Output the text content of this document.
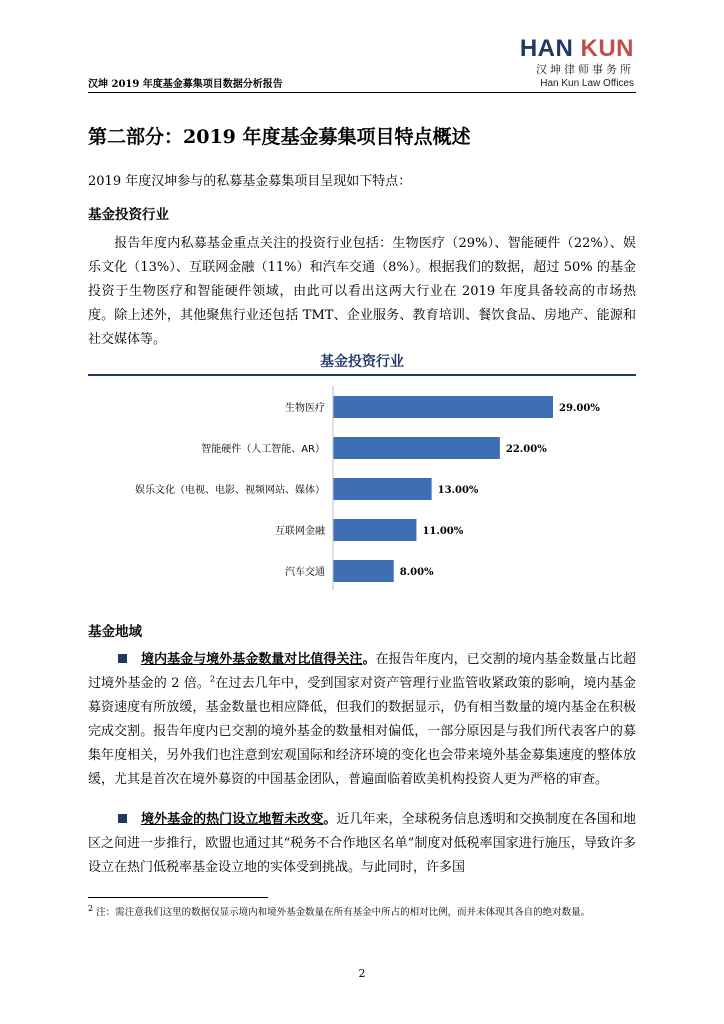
汉坤 2019 年度基金募集项目数据分析报告
HAN KUN
汉坤律师事务所
Han Kun Law Offices
第二部分：2019 年度基金募集项目特点概述
2019 年度汉坤参与的私募基金募集项目呈现如下特点：
基金投资行业
报告年度内私募基金重点关注的投资行业包括：生物医疗（29%）、智能硬件（22%）、娱乐文化（13%）、互联网金融（11%）和汽车交通（8%）。根据我们的数据，超过 50% 的基金投资于生物医疗和智能硬件领域，由此可以看出这两大行业在 2019 年度具备较高的市场热度。除上述外，其他聚焦行业还包括 TMT、企业服务、教育培训、餐饮食品、房地产、能源和社交媒体等。
基金投资行业
生物医疗	29.00%
智能硬件（人工智能、AR）	22.00%
娱乐文化（电视、电影、视频网站、媒体）	13.00%
互联网金融	11.00%
汽车交通	8.00%
基金地域
境内基金与境外基金数量对比值得关注。在报告年度内，已交割的境内基金数量占比超过境外基金的 2 倍。$^2$在过去几年中，受到国家对资产管理行业监管收紧政策的影响，境内基金募资速度有所放缓，基金数量也相应降低，但我们的数据显示，仍有相当数量的境内基金在积极完成交割。报告年度内已交割的境外基金的数量相对偏低，一部分原因是与我们所代表客户的募集年度相关，另外我们也注意到宏观国际和经济环境的变化也会带来境外基金募集速度的整体放缓，尤其是首次在境外募资的中国基金团队，普遍面临着欧美机构投资人更为严格的审查。
境外基金的热门设立地暂未改变。近几年来，全球税务信息透明和交换制度在各国和地区之间进一步推行，欧盟也通过其“税务不合作地区名单”制度对低税率国家进行施压，导致许多设立在热门低税率基金设立地的实体受到挑战。与此同时，许多国
$^2$ 注：需注意我们这里的数据仅显示境内和境外基金数量在所有基金中所占的相对比例，而并未体现其各自的绝对数量。
2
